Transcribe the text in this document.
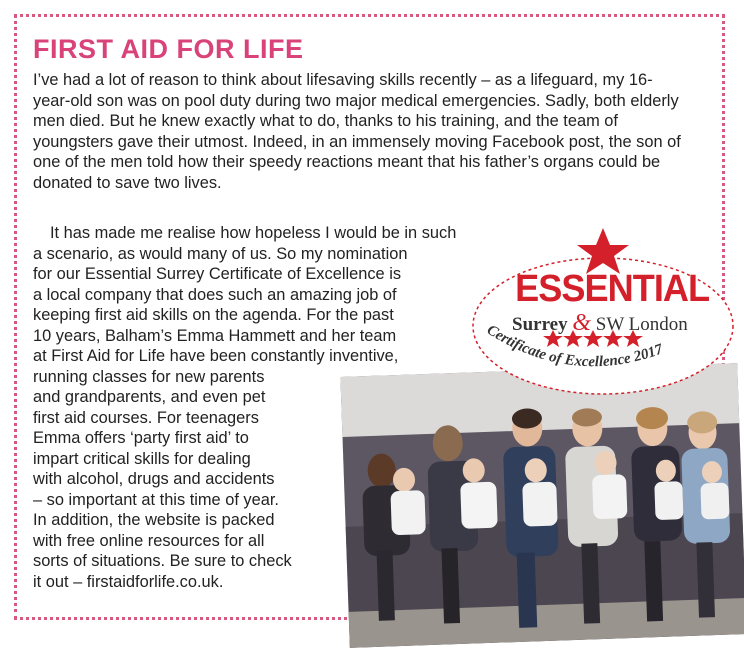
FIRST AID FOR LIFE

I’ve had a lot of reason to think about lifesaving skills recently – as a lifeguard, my 16-year-old son was on pool duty during two major medical emergencies. Sadly, both elderly men died. But he knew exactly what to do, thanks to his training, and the team of youngsters gave their utmost. Indeed, in an immensely moving Facebook post, the son of one of the men told how their speedy reactions meant that his father’s organs could be donated to save two lives.

It has made me realise how hopeless I would be in such
a scenario, as would many of us. So my nomination
for our Essential Surrey Certificate of Excellence is
a local company that does such an amazing job of
keeping first aid skills on the agenda. For the past
10 years, Balham’s Emma Hammett and her team
at First Aid for Life have been constantly inventive,
running classes for new parents
and grandparents, and even pet
first aid courses. For teenagers
Emma offers ‘party first aid’ to
impart critical skills for dealing
with alcohol, drugs and accidents
– so important at this time of year.
In addition, the website is packed
with free online resources for all
sorts of situations. Be sure to check
it out – firstaidforlife.co.uk.
ESSENTIAL
Surrey & SW London
Certificate of Excellence 2017
